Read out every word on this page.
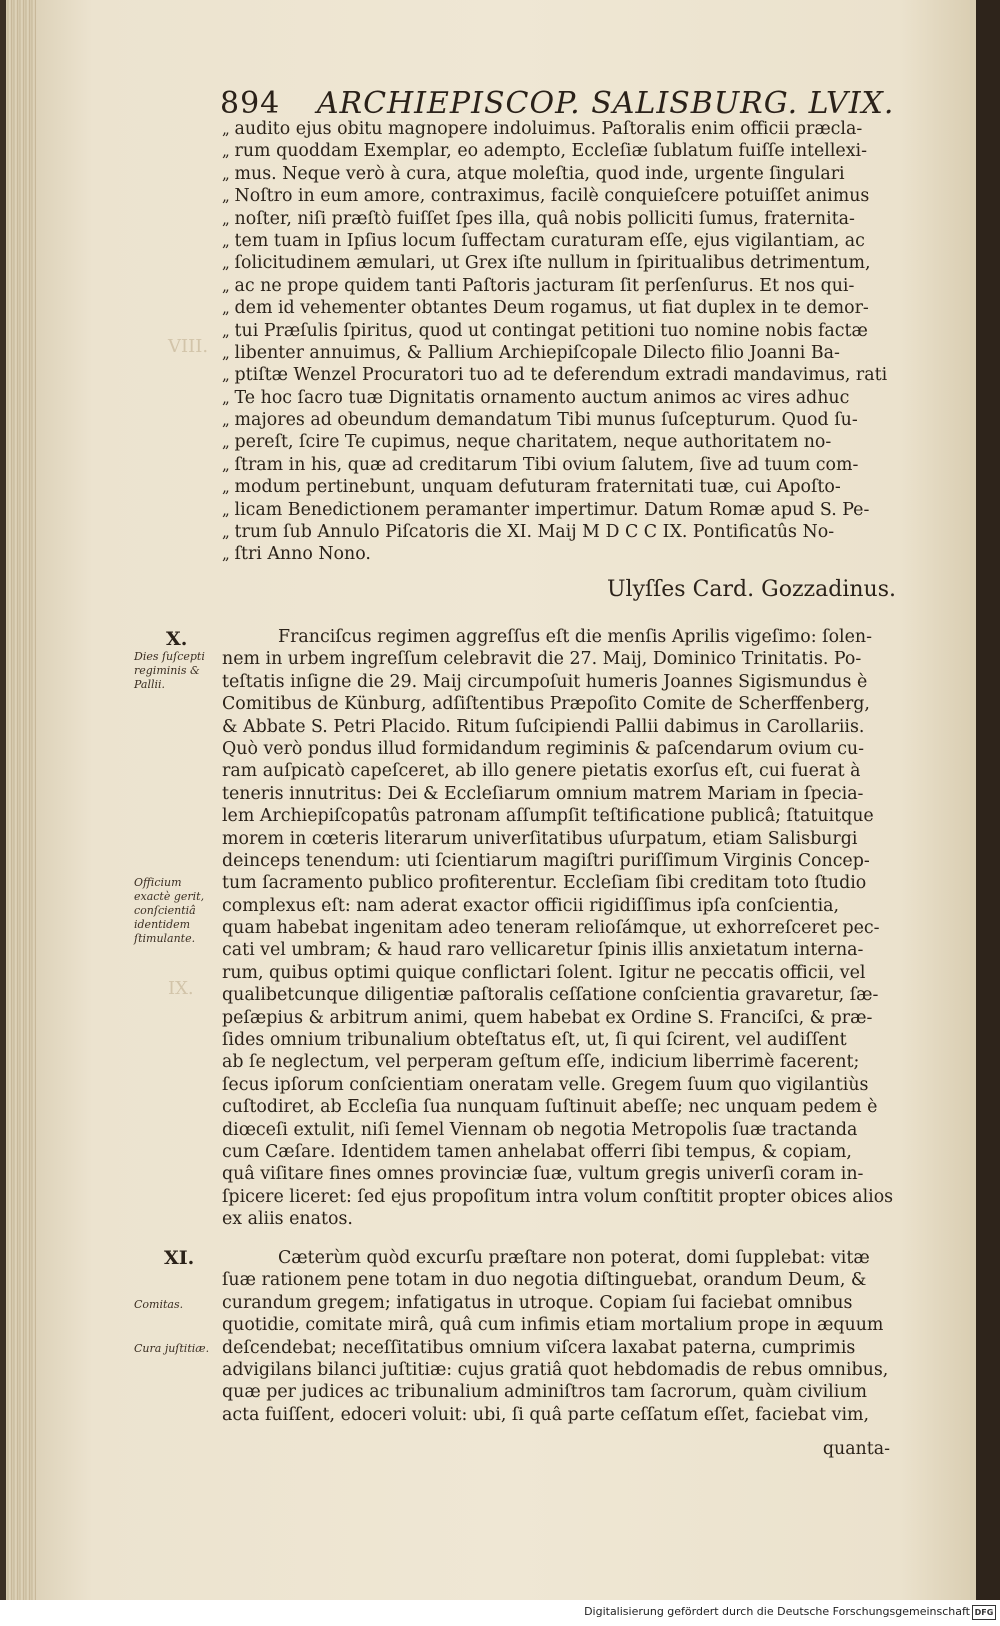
894 ARCHIEPISCOP. SALISBURG. LVIX.
VIII.
IX.
„ audito ejus obitu magnopere indoluimus. Paſtoralis enim officii præcla-
„ rum quoddam Exemplar, eo adempto, Eccleſiæ ſublatum fuiſſe intellexi-
„ mus. Neque verò à cura, atque moleſtia, quod inde, urgente ſingulari
„ Noſtro in eum amore, contraximus, facilè conquieſcere potuiſſet animus
„ noſter, niſi præſtò fuiſſet ſpes illa, quâ nobis polliciti ſumus, fraternita-
„ tem tuam in Ipſius locum ſuffectam curaturam eſſe, ejus vigilantiam, ac
„ ſolicitudinem æmulari, ut Grex iſte nullum in ſpiritualibus detrimentum,
„ ac ne prope quidem tanti Paſtoris jacturam ſit perſenſurus. Et nos qui-
„ dem id vehementer obtantes Deum rogamus, ut fiat duplex in te demor-
„ tui Præſulis ſpiritus, quod ut contingat petitioni tuo nomine nobis factæ
„ libenter annuimus, & Pallium Archiepiſcopale Dilecto filio Joanni Ba-
„ ptiſtæ Wenzel Procuratori tuo ad te deferendum extradi mandavimus, rati
„ Te hoc ſacro tuæ Dignitatis ornamento auctum animos ac vires adhuc
„ majores ad obeundum demandatum Tibi munus ſuſcepturum. Quod ſu-
„ pereſt, ſcire Te cupimus, neque charitatem, neque authoritatem no-
„ ſtram in his, quæ ad creditarum Tibi ovium ſalutem, ſive ad tuum com-
„ modum pertinebunt, unquam defuturam fraternitati tuæ, cui Apoſto-
„ licam Benedictionem peramanter impertimur. Datum Romæ apud S. Pe-
„ trum ſub Annulo Piſcatoris die XI. Maij M D C C IX. Pontificatûs No-
„ ſtri Anno Nono.
Ulyſſes Card. Gozzadinus.
X.
Dies ſuſcepti regiminis & Pallii.
Officium exactè gerit, conſcientiâ identidem ſtimulante.
Franciſcus regimen aggreſſus eſt die menſis Aprilis vigeſimo: ſolen-
nem in urbem ingreſſum celebravit die 27. Maij, Dominico Trinitatis. Po-
teſtatis inſigne die 29. Maij circumpoſuit humeris Joannes Sigismundus è
Comitibus de Künburg, adſiſtentibus Præpoſito Comite de Scherffenberg,
& Abbate S. Petri Placido. Ritum ſuſcipiendi Pallii dabimus in Carollariis.
Quò verò pondus illud formidandum regiminis & paſcendarum ovium cu-
ram auſpicatò capeſceret, ab illo genere pietatis exorſus eſt, cui fuerat à
teneris innutritus: Dei & Eccleſiarum omnium matrem Mariam in ſpecia-
lem Archiepiſcopatûs patronam aſſumpſit teſtificatione publicâ; ſtatuitque
morem in cœteris literarum univerſitatibus uſurpatum, etiam Salisburgi
deinceps tenendum: uti ſcientiarum magiſtri puriſſimum Virginis Concep-
tum ſacramento publico profiterentur. Eccleſiam ſibi creditam toto ſtudio
complexus eſt: nam aderat exactor officii rigidiſſimus ipſa conſcientia,
quam habebat ingenitam adeo teneram relioſámque, ut exhorreſceret pec-
cati vel umbram; & haud raro vellicaretur ſpinis illis anxietatum interna-
rum, quibus optimi quique conflictari ſolent. Igitur ne peccatis officii, vel
qualibetcunque diligentiæ paſtoralis ceſſatione conſcientia gravaretur, ſæ-
peſæpius & arbitrum animi, quem habebat ex Ordine S. Franciſci, & præ-
ſides omnium tribunalium obteſtatus eſt, ut, ſi qui ſcirent, vel audiſſent
ab ſe neglectum, vel perperam geſtum eſſe, indicium liberrimè facerent;
ſecus ipſorum conſcientiam oneratam velle. Gregem ſuum quo vigilantiùs
cuſtodiret, ab Eccleſia ſua nunquam ſuſtinuit abeſſe; nec unquam pedem è
diœceſi extulit, niſi ſemel Viennam ob negotia Metropolis ſuæ tractanda
cum Cæſare. Identidem tamen anhelabat offerri ſibi tempus, & copiam,
quâ viſitare fines omnes provinciæ ſuæ, vultum gregis univerſi coram in-
ſpicere liceret: ſed ejus propoſitum intra volum conſtitit propter obices alios
ex aliis enatos.
XI.
Comitas.
Cura juſtitiæ.
Cæterùm quòd excurſu præſtare non poterat, domi ſupplebat: vitæ
ſuæ rationem pene totam in duo negotia diſtinguebat, orandum Deum, &
curandum gregem; infatigatus in utroque. Copiam ſui faciebat omnibus
quotidie, comitate mirâ, quâ cum infimis etiam mortalium prope in æquum
deſcendebat; neceſſitatibus omnium viſcera laxabat paterna, cumprimis
advigilans bilanci juſtitiæ: cujus gratiâ quot hebdomadis de rebus omnibus,
quæ per judices ac tribunalium adminiſtros tam ſacrorum, quàm civilium
acta fuiſſent, edoceri voluit: ubi, ſi quâ parte ceſſatum eſſet, faciebat vim,
quanta-
Digitalisierung gefördert durch die Deutsche Forschungsgemeinschaft DFG
